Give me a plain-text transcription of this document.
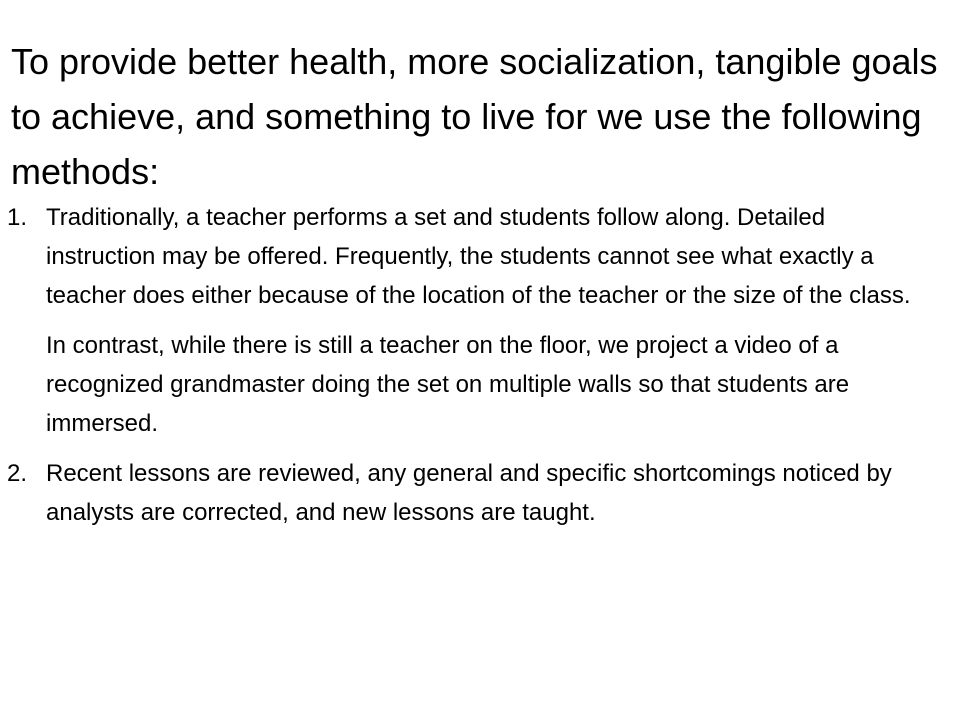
To provide better health, more socialization, tangible goals to achieve, and something to live for we use the following methods:
1. Traditionally, a teacher performs a set and students follow along. Detailed instruction may be offered. Frequently, the students cannot see what exactly a teacher does either because of the location of the teacher or the size of the class.
In contrast, while there is still a teacher on the floor, we project a video of a recognized grandmaster doing the set on multiple walls so that students are immersed.
2. Recent lessons are reviewed, any general and specific shortcomings noticed by analysts are corrected, and new lessons are taught.
